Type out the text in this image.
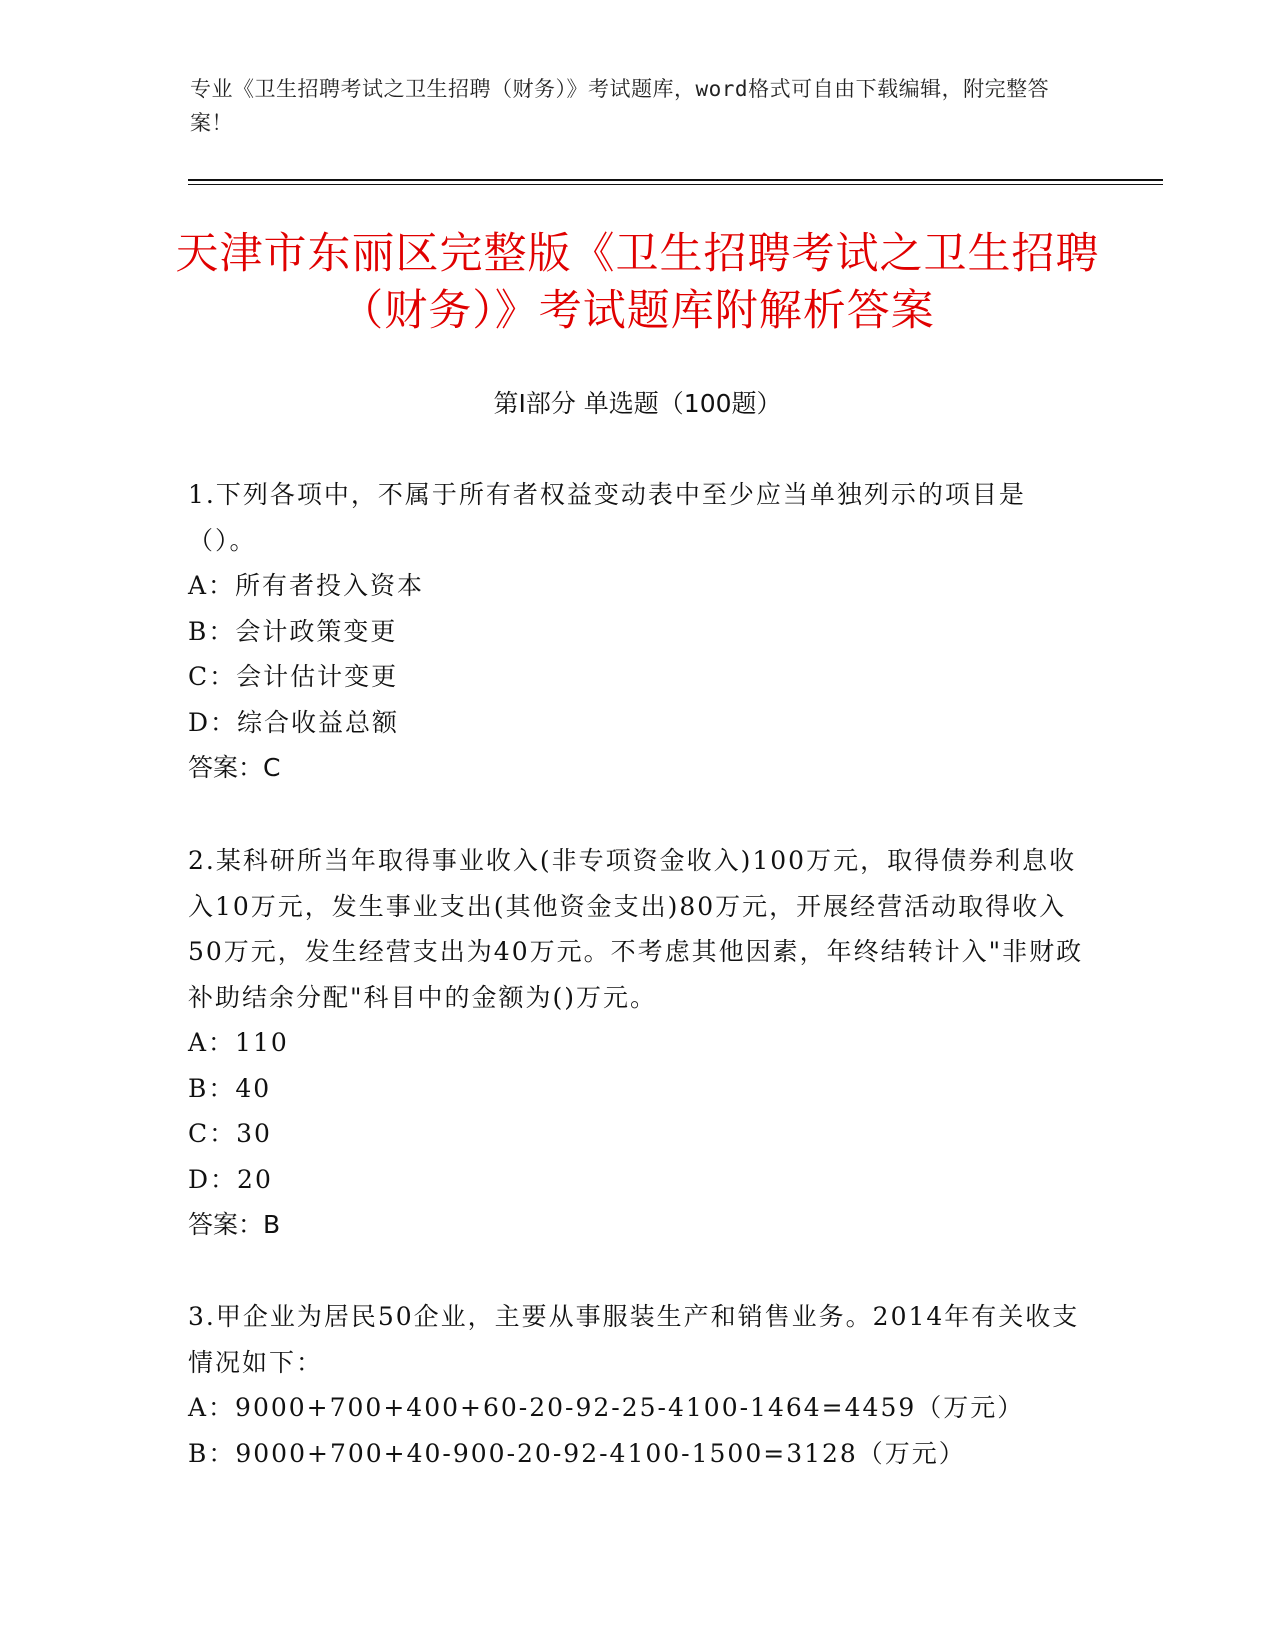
专业《卫生招聘考试之卫生招聘（财务）》考试题库，word格式可自由下载编辑，附完整答案！
天津市东丽区完整版《卫生招聘考试之卫生招聘（财务）》考试题库附解析答案
第Ⅰ部分 单选题（100题）

1.下列各项中，不属于所有者权益变动表中至少应当单独列示的项目是（）。

A：所有者投入资本

B：会计政策变更

C：会计估计变更

D：综合收益总额

答案：C

2.某科研所当年取得事业收入(非专项资金收入)100万元，取得债券利息收入10万元，发生事业支出(其他资金支出)80万元，开展经营活动取得收入50万元，发生经营支出为40万元。不考虑其他因素，年终结转计入"非财政补助结余分配"科目中的金额为()万元。

A：110

B：40

C：30

D：20

答案：B

3.甲企业为居民50企业，主要从事服装生产和销售业务。2014年有关收支情况如下：

A：9000+700+400+60-20-92-25-4100-1464=4459（万元）

B：9000+700+40-900-20-92-4100-1500=3128（万元）
